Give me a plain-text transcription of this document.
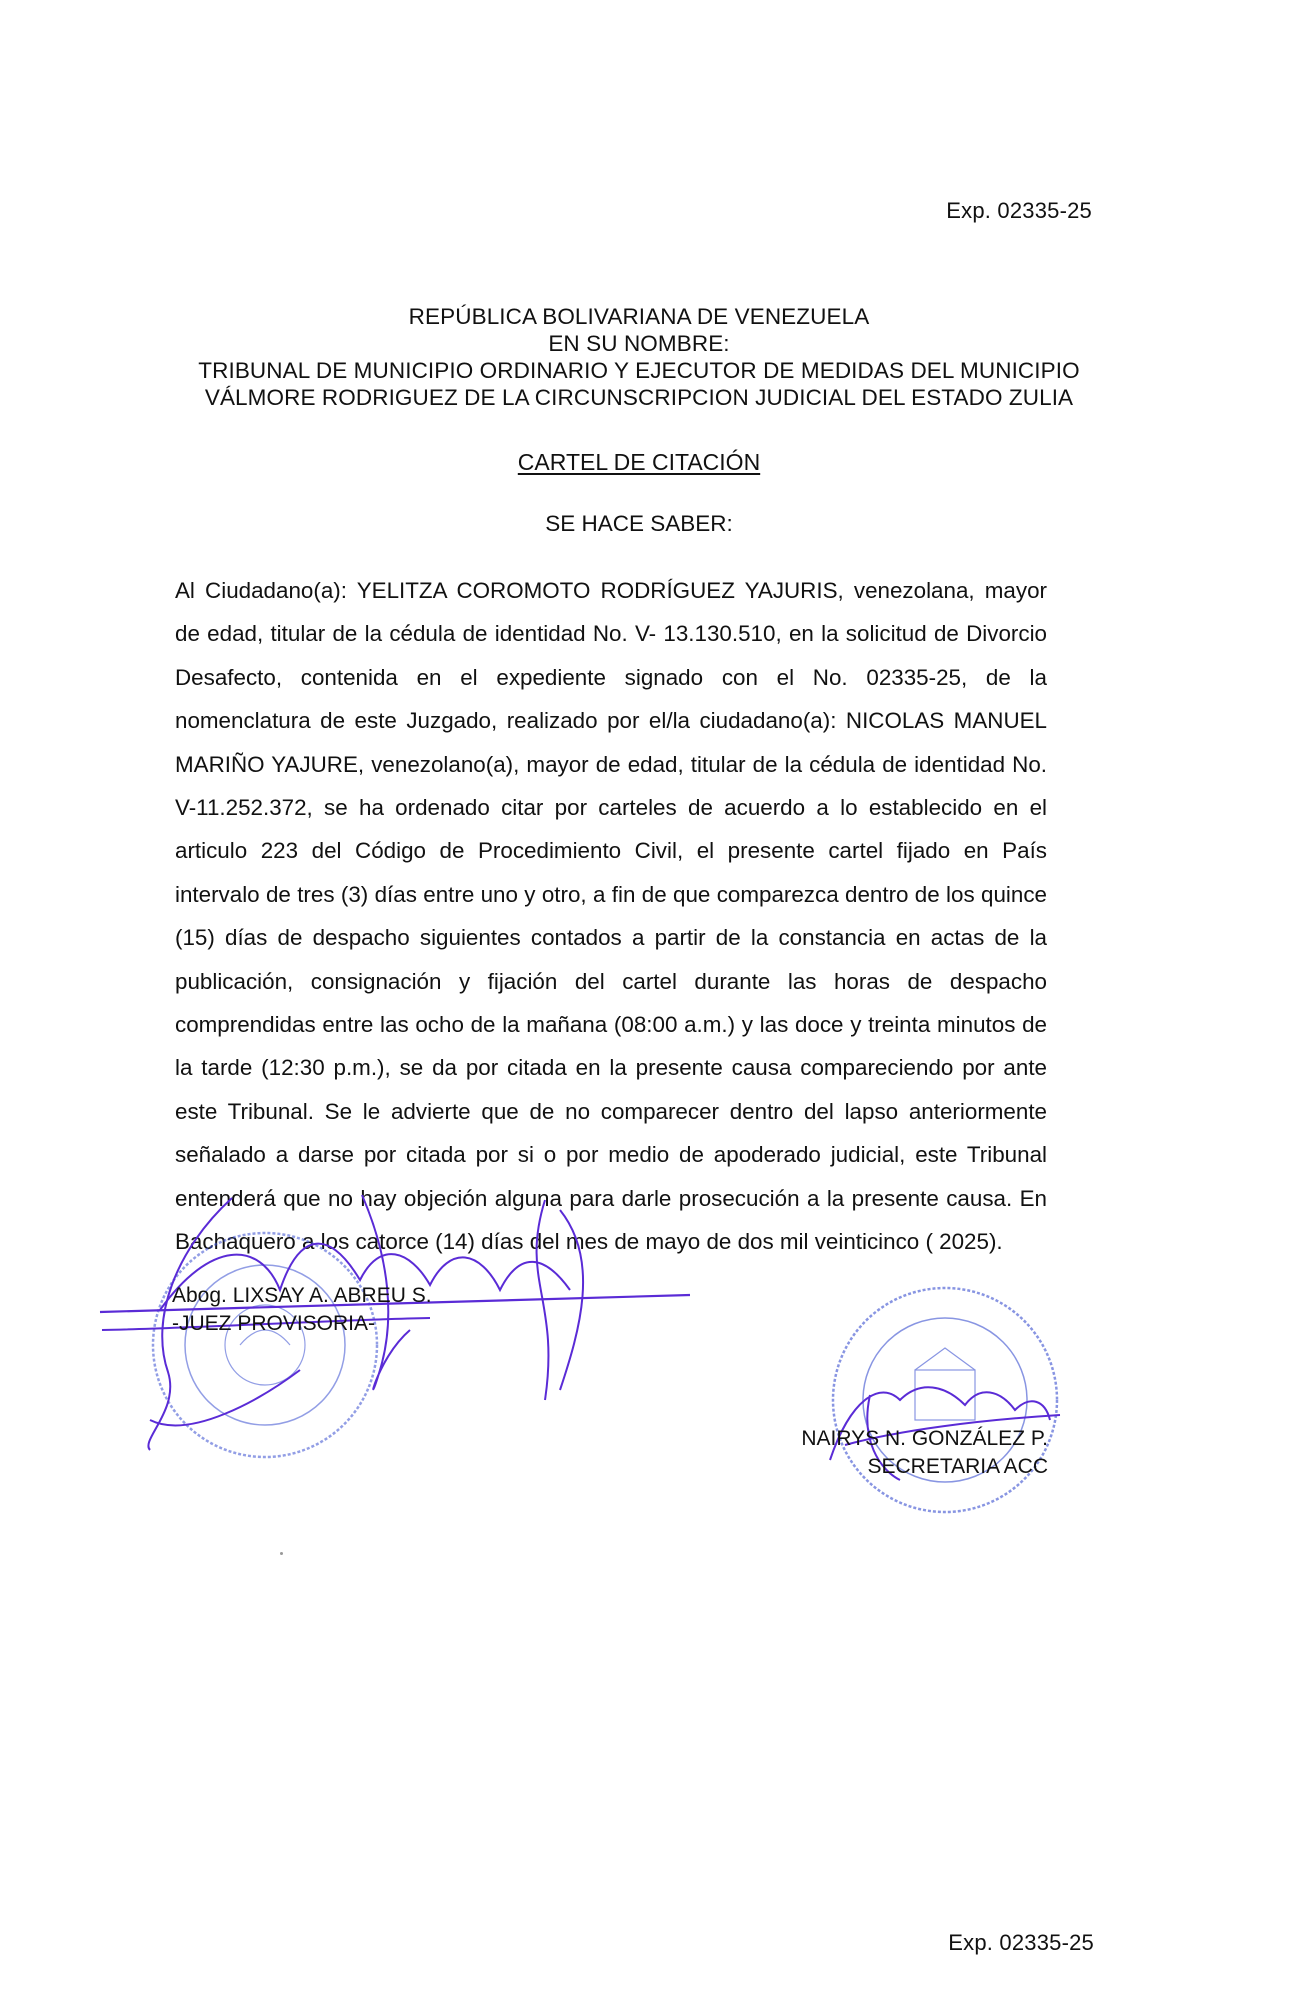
Exp. 02335-25
REPÚBLICA BOLIVARIANA DE VENEZUELA
EN SU NOMBRE:
TRIBUNAL DE MUNICIPIO ORDINARIO Y EJECUTOR DE MEDIDAS DEL MUNICIPIO
VÁLMORE RODRIGUEZ DE LA CIRCUNSCRIPCION JUDICIAL DEL ESTADO ZULIA
CARTEL DE CITACIÓN
SE HACE SABER:
Al Ciudadano(a): YELITZA COROMOTO RODRÍGUEZ YAJURIS, venezolana, mayor de edad, titular de la cédula de identidad No. V- 13.130.510, en la solicitud de Divorcio Desafecto, contenida en el expediente signado con el No. 02335-25, de la nomenclatura de este Juzgado, realizado por el/la ciudadano(a): NICOLAS MANUEL MARIÑO YAJURE, venezolano(a), mayor de edad, titular de la cédula de identidad No. V-11.252.372, se ha ordenado citar por carteles de acuerdo a lo establecido en el articulo 223 del Código de Procedimiento Civil, el presente cartel fijado en País intervalo de tres (3) días entre uno y otro, a fin de que comparezca dentro de los quince (15) días de despacho siguientes contados a partir de la constancia en actas de la publicación, consignación y fijación del cartel durante las horas de despacho comprendidas entre las ocho de la mañana (08:00 a.m.) y las doce y treinta minutos de la tarde (12:30 p.m.), se da por citada en la presente causa compareciendo por ante este Tribunal. Se le advierte que de no comparecer dentro del lapso anteriormente señalado a darse por citada por si o por medio de apoderado judicial, este Tribunal entenderá que no hay objeción alguna para darle prosecución a la presente causa. En Bachaquero a los catorce (14) días del mes de mayo de dos mil veinticinco ( 2025).
Abog. LIXSAY A. ABREU S.
-JUEZ PROVISORIA-
NAIRYS N. GONZÁLEZ P.
SECRETARIA ACC
Exp. 02335-25
